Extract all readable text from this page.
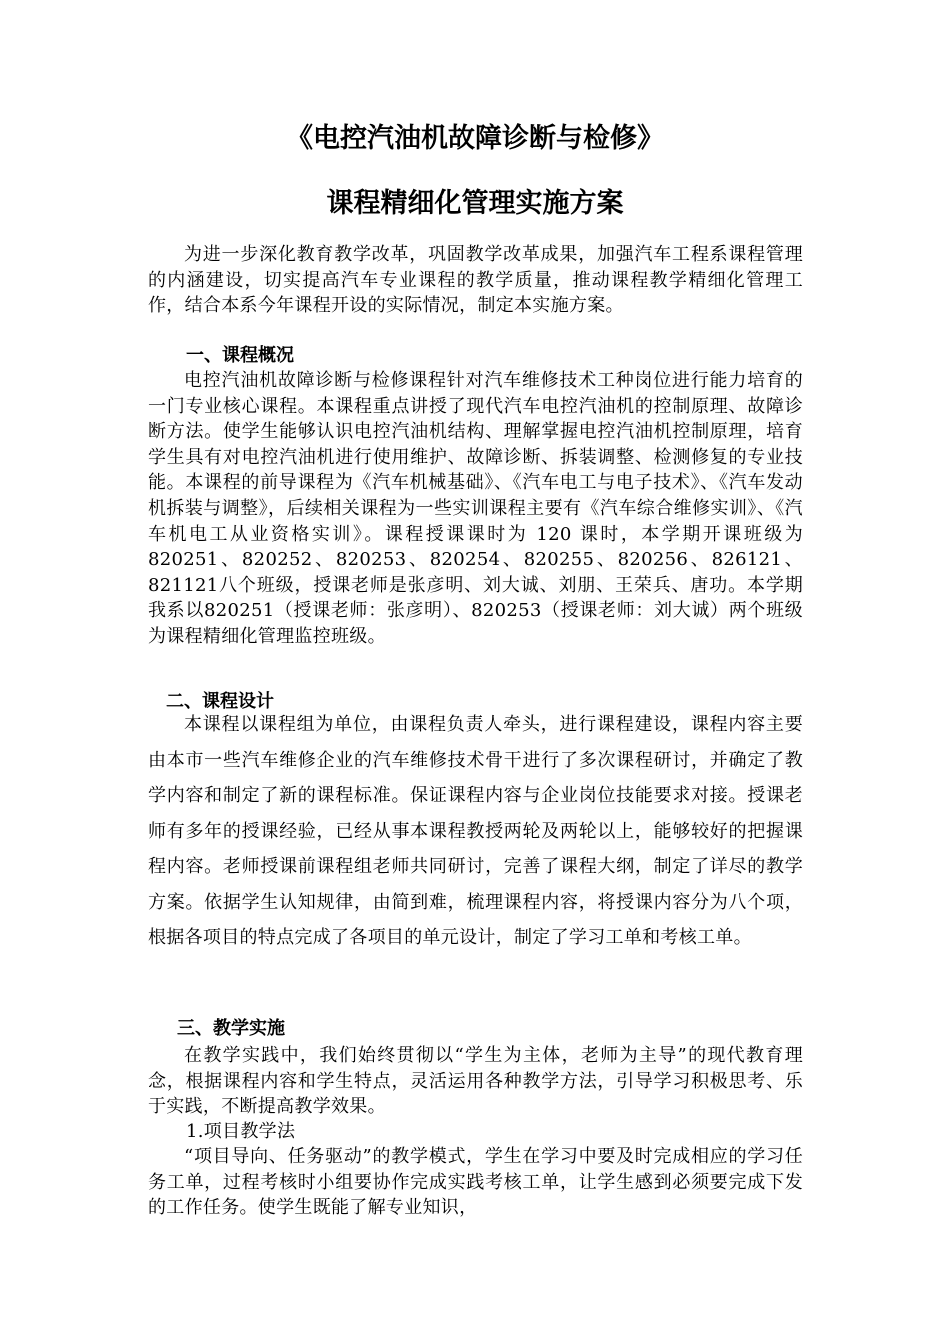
《电控汽油机故障诊断与检修》
课程精细化管理实施方案

为进一步深化教育教学改革，巩固教学改革成果，加强汽车工程系课程管理的内涵建设，切实提高汽车专业课程的教学质量，推动课程教学精细化管理工作，结合本系今年课程开设的实际情况，制定本实施方案。

一、课程概况

电控汽油机故障诊断与检修课程针对汽车维修技术工种岗位进行能力培育的一门专业核心课程。本课程重点讲授了现代汽车电控汽油机的控制原理、故障诊断方法。使学生能够认识电控汽油机结构、理解掌握电控汽油机控制原理，培育学生具有对电控汽油机进行使用维护、故障诊断、拆装调整、检测修复的专业技能。本课程的前导课程为《汽车机械基础》、《汽车电工与电子技术》、《汽车发动机拆装与调整》，后续相关课程为一些实训课程主要有《汽车综合维修实训》、《汽车机电工从业资格实训》。课程授课课时为 120 课时，本学期开课班级为820251、820252、820253、820254、820255、820256、826121、821121八个班级，授课老师是张彦明、刘大诚、刘朋、王荣兵、唐功。本学期我系以820251（授课老师：张彦明）、820253（授课老师：刘大诚）两个班级为课程精细化管理监控班级。

二、课程设计

本课程以课程组为单位，由课程负责人牵头，进行课程建设，课程内容主要由本市一些汽车维修企业的汽车维修技术骨干进行了多次课程研讨，并确定了教学内容和制定了新的课程标准。保证课程内容与企业岗位技能要求对接。授课老师有多年的授课经验，已经从事本课程教授两轮及两轮以上，能够较好的把握课程内容。老师授课前课程组老师共同研讨，完善了课程大纲，制定了详尽的教学方案。依据学生认知规律，由简到难，梳理课程内容，将授课内容分为八个项，根据各项目的特点完成了各项目的单元设计，制定了学习工单和考核工单。

三、教学实施

在教学实践中，我们始终贯彻以“学生为主体，老师为主导”的现代教育理念，根据课程内容和学生特点，灵活运用各种教学方法，引导学习积极思考、乐于实践，不断提高教学效果。

1.项目教学法

“项目导向、任务驱动”的教学模式，学生在学习中要及时完成相应的学习任务工单，过程考核时小组要协作完成实践考核工单，让学生感到必须要完成下发的工作任务。使学生既能了解专业知识，
